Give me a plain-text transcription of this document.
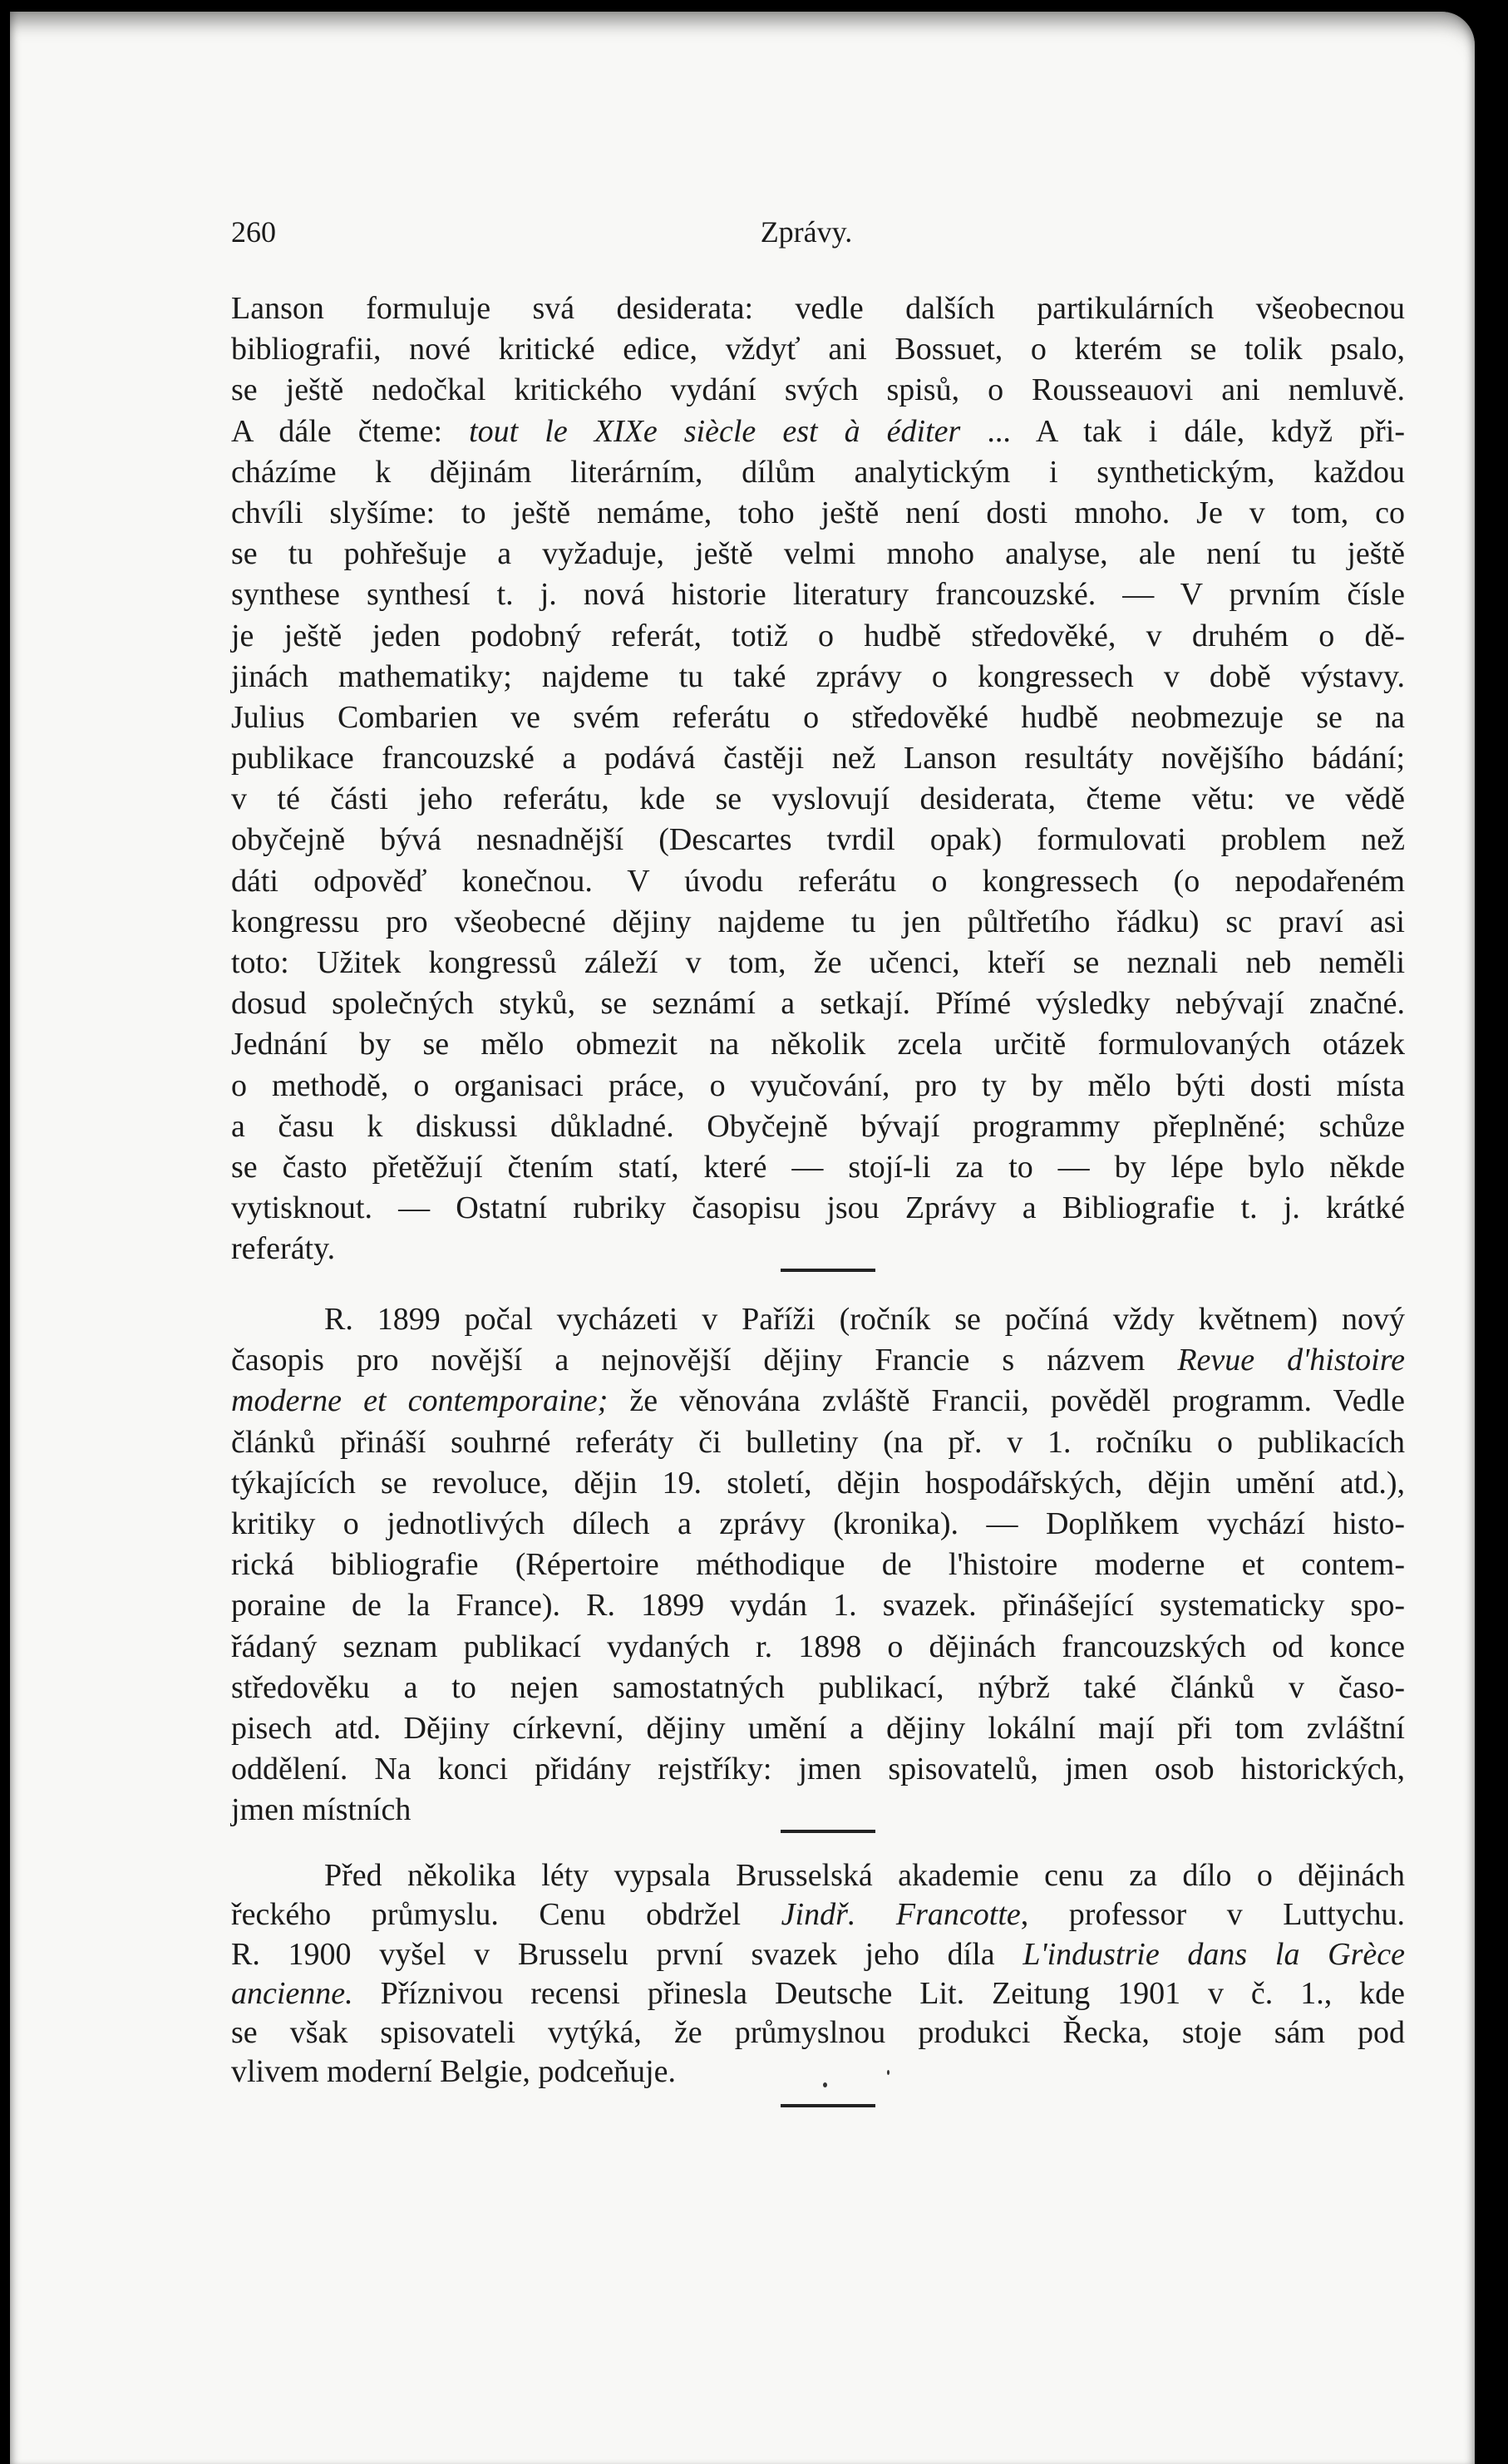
260	Zprávy.
Lanson formuluje svá desiderata: vedle dalších partikulárních všeobecnou
bibliografii, nové kritické edice, vždyť ani Bossuet, o kterém se tolik psalo,
se ještě nedočkal kritického vydání svých spisů, o Rousseauovi ani nemluvě.
A dále čteme: tout le XIXe siècle est à éditer ... A tak i dále, když při-
cházíme k dějinám literárním, dílům analytickým i synthetickým, každou
chvíli slyšíme: to ještě nemáme, toho ještě není dosti mnoho. Je v tom, co
se tu pohřešuje a vyžaduje, ještě velmi mnoho analyse, ale není tu ještě
synthese synthesí t. j. nová historie literatury francouzské. — V prvním čísle
je ještě jeden podobný referát, totiž o hudbě středověké, v druhém o dě-
jinách mathematiky; najdeme tu také zprávy o kongressech v době výstavy.
Julius Combarien ve svém referátu o středověké hudbě neobmezuje se na
publikace francouzské a podává častěji než Lanson resultáty novějšího bádání;
v té části jeho referátu, kde se vyslovují desiderata, čteme větu: ve vědě
obyčejně bývá nesnadnější (Descartes tvrdil opak) formulovati problem než
dáti odpověď konečnou. V úvodu referátu o kongressech (o nepodařeném
kongressu pro všeobecné dějiny najdeme tu jen půltřetího řádku) sc praví asi
toto: Užitek kongressů záleží v tom, že učenci, kteří se neznali neb neměli
dosud společných styků, se seznámí a setkají. Přímé výsledky nebývají značné.
Jednání by se mělo obmezit na několik zcela určitě formulovaných otázek
o methodě, o organisaci práce, o vyučování, pro ty by mělo býti dosti místa
a času k diskussi důkladné. Obyčejně bývají programmy přeplněné; schůze
se často přetěžují čtením statí, které — stojí-li za to — by lépe bylo někde
vytisknout. — Ostatní rubriky časopisu jsou Zprávy a Bibliografie t. j. krátké
referáty.
R. 1899 počal vycházeti v Paříži (ročník se počíná vždy květnem) nový
časopis pro novější a nejnovější dějiny Francie s názvem Revue d'histoire
moderne et contemporaine; že věnována zvláště Francii, pověděl programm. Vedle
článků přináší souhrné referáty či bulletiny (na př. v 1. ročníku o publikacích
týkajících se revoluce, dějin 19. století, dějin hospodářských, dějin umění atd.),
kritiky o jednotlivých dílech a zprávy (kronika). — Doplňkem vychází histo-
rická bibliografie (Répertoire méthodique de l'histoire moderne et contem-
poraine de la France). R. 1899 vydán 1. svazek. přinášející systematicky spo-
řádaný seznam publikací vydaných r. 1898 o dějinách francouzských od konce
středověku a to nejen samostatných publikací, nýbrž také článků v časo-
pisech atd. Dějiny církevní, dějiny umění a dějiny lokální mají při tom zvláštní
oddělení. Na konci přidány rejstříky: jmen spisovatelů, jmen osob historických,
jmen místních
Před několika léty vypsala Brusselská akademie cenu za dílo o dějinách
řeckého průmyslu. Cenu obdržel Jindř. Francotte, professor v Luttychu.
R. 1900 vyšel v Brusselu první svazek jeho díla L'industrie dans la Grèce
ancienne. Příznivou recensi přinesla Deutsche Lit. Zeitung 1901 v č. 1., kde
se však spisovateli vytýká, že průmyslnou produkci Řecka, stoje sám pod
vlivem moderní Belgie, podceňuje.
